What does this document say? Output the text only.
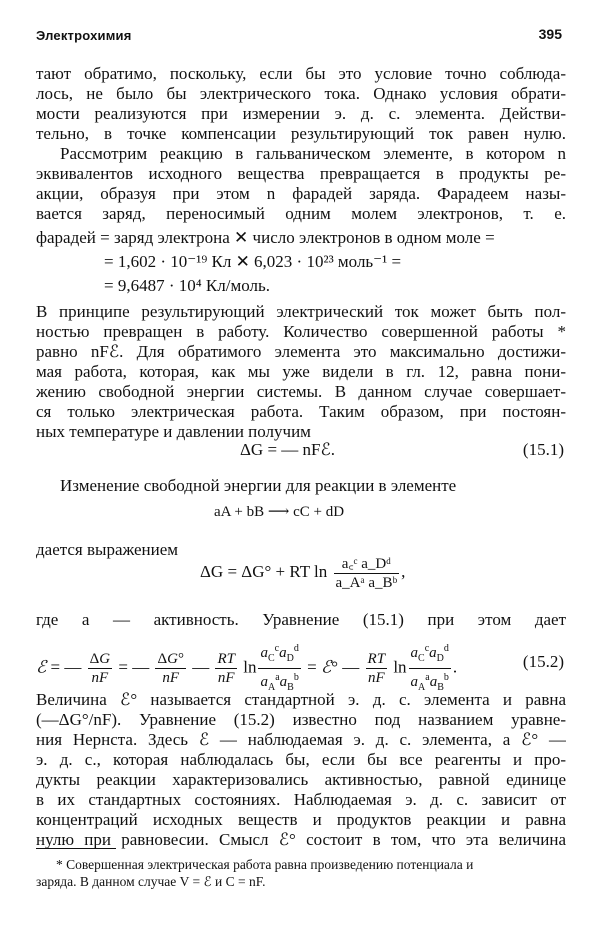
Электрохимия	395
тают обратимо, поскольку, если бы это условие точно соблюда-
лось, не было бы электрического тока. Однако условия обрати-
мости реализуются при измерении э. д. с. элемента. Действи-
тельно, в точке компенсации результирующий ток равен нулю.
Рассмотрим реакцию в гальваническом элементе, в котором n
эквивалентов исходного вещества превращается в продукты ре-
акции, образуя при этом n фарадей заряда. Фарадеем назы-
вается заряд, переносимый одним молем электронов, т. е.
фарадей = заряд электрона ✕ число электронов в одном моле =
= 1,602 · 10⁻¹⁹ Кл ✕ 6,023 · 10²³ моль⁻¹ =
= 9,6487 · 10⁴ Кл/моль.
В принципе результирующий электрический ток может быть пол-
ностью превращен в работу. Количество совершенной работы *
равно nFℰ. Для обратимого элемента это максимально достижи-
мая работа, которая, как мы уже видели в гл. 12, равна пони-
жению свободной энергии системы. В данном случае совершает-
ся только электрическая работа. Таким образом, при постоян-
ных температуре и давлении получим
ΔG = — nFℰ.	(15.1)
Изменение свободной энергии для реакции в элементе
aA + bB ⟶ cC + dD
дается выражением
ΔG = ΔG° + RT $\ln \frac{\text{a꜀ᶜ a\_Dᵈ}}{\text{a\_Aᵃ a\_Bᵇ}}$ ,
где a — активность. Уравнение (15.1) при этом дает
ℰ = — $\frac{\Delta G}{nF}$ = — $\frac{\Delta G^\circ}{nF}$ — $\frac{RT}{nF}$ $\ln \frac{a_C^ca_D^d}{a_A^aa_B^b}$ = ℰ° — $\frac{RT}{nF}$ $\ln \frac{a_C^ca_D^d}{a_A^aa_B^b}$ .	(15.2)
Величина ℰ° называется стандартной э. д. с. элемента и равна
(—ΔG°/nF). Уравнение (15.2) известно под названием уравне-
ния Нернста. Здесь ℰ — наблюдаемая э. д. с. элемента, а ℰ° —
э. д. с., которая наблюдалась бы, если бы все реагенты и про-
дукты реакции характеризовались активностью, равной единице
в их стандартных состояниях. Наблюдаемая э. д. с. зависит от
концентраций исходных веществ и продуктов реакции и равна
нулю при равновесии. Смысл ℰ° состоит в том, что эта величина
* Совершенная электрическая работа равна произведению потенциала и
заряда. В данном случае V = ℰ и C = nF.
